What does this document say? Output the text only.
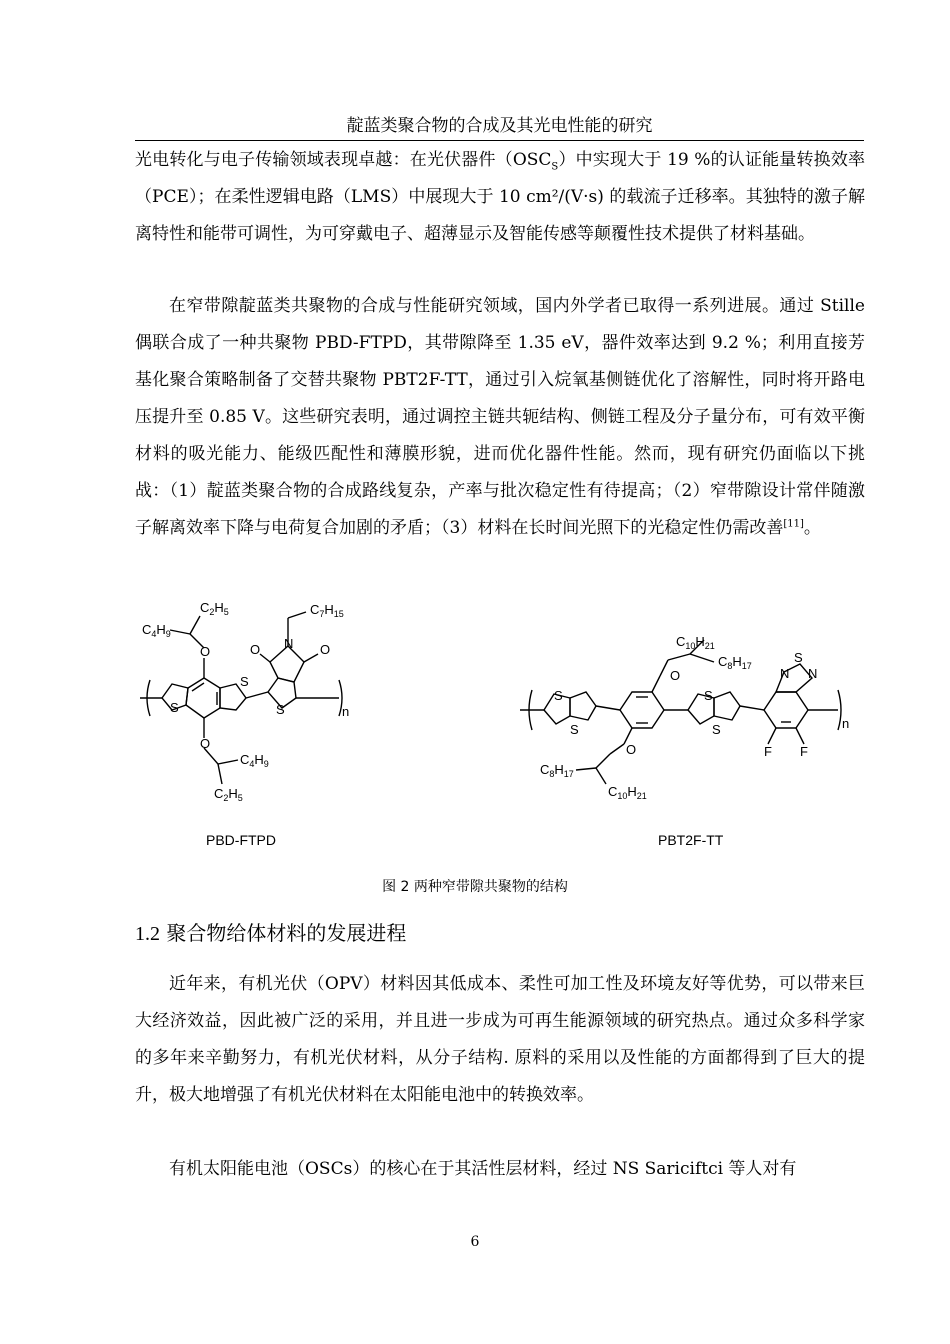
靛蓝类聚合物的合成及其光电性能的研究

光电转化与电子传输领域表现卓越：在光伏器件$(OSC_S)$中实现大于 19 %的认证能量转换效率（PCE）；在柔性逻辑电路（LMS）中展现大于 10 cm²/(V·s) 的载流子迁移率。其独特的激子解离特性和能带可调性，为可穿戴电子、超薄显示及智能传感等颠覆性技术提供了材料基础。

在窄带隙靛蓝类共聚物的合成与性能研究领域，国内外学者已取得一系列进展。通过 Stille 偶联合成了一种共聚物 PBD-FTPD，其带隙降至 1.35 eV，器件效率达到 9.2 %；利用直接芳基化聚合策略制备了交替共聚物 PBT2F-TT，通过引入烷氧基侧链优化了溶解性，同时将开路电压提升至 0.85 V。这些研究表明，通过调控主链共轭结构、侧链工程及分子量分布，可有效平衡材料的吸光能力、能级匹配性和薄膜形貌，进而优化器件性能。然而，现有研究仍面临以下挑战：（1）靛蓝类聚合物的合成路线复杂，产率与批次稳定性有待提高；（2）窄带隙设计常伴随激子解离效率下降与电荷复合加剧的矛盾；（3）材料在长时间光照下的光稳定性仍需改善[11]。

S
S
S
O
O
O	O
N
n
$C_2H_5$
$C_4H_9$
$C_4H_9$
$C_2H_5$
$C_7H_{15}$
S
S
S
S
S
N N
O
O	F F
n
$C_{10}H_{21}$
$C_8H_{17}$
$C_8H_{17}$
$C_{10}H_{21}$
PBD-FTPD	PBT2F-TT
图 2 两种窄带隙共聚物的结构
1.2 聚合物给体材料的发展进程

近年来，有机光伏（OPV）材料因其低成本、柔性可加工性及环境友好等优势，可以带来巨大经济效益，因此被广泛的采用，并且进一步成为可再生能源领域的研究热点。通过众多科学家的多年来辛勤努力，有机光伏材料，从分子结构. 原料的采用以及性能的方面都得到了巨大的提升，极大地增强了有机光伏材料在太阳能电池中的转换效率。

有机太阳能电池（OSCs）的核心在于其活性层材料，经过 NS Sariciftci 等人对有

6
